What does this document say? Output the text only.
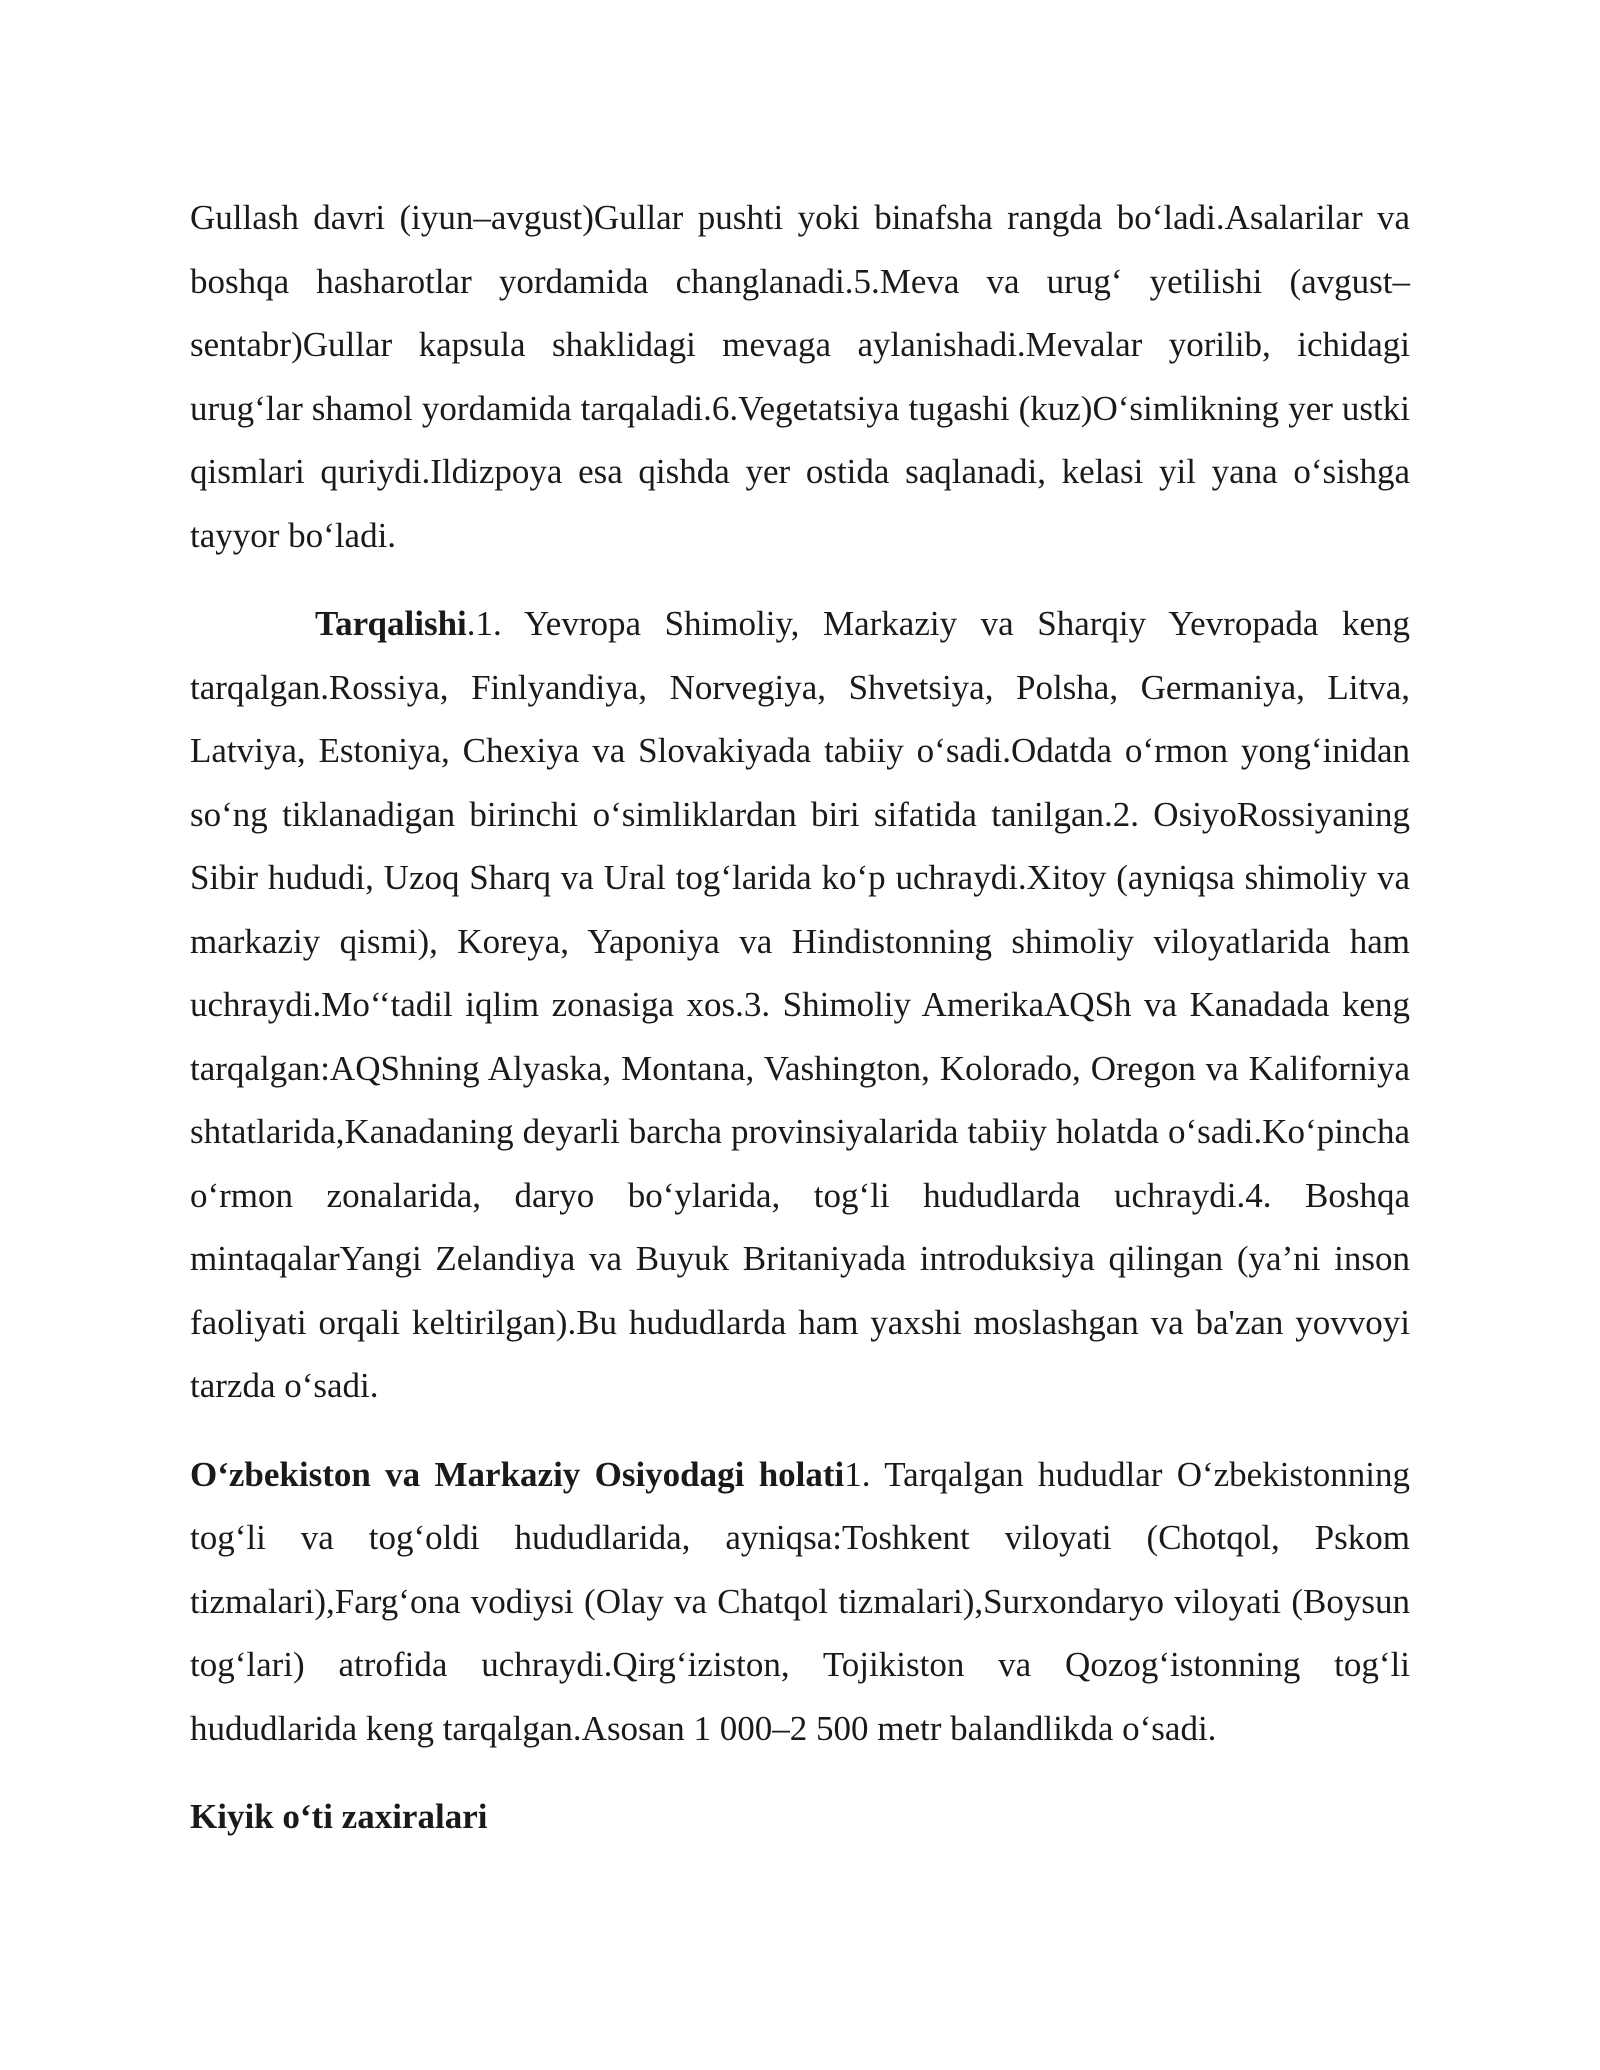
Gullash davri (iyun–avgust)Gullar pushti yoki binafsha rangda bo‘ladi.Asalarilar va boshqa hasharotlar yordamida changlanadi.5.Meva va urug‘ yetilishi (avgust–sentabr)Gullar kapsula shaklidagi mevaga aylanishadi.Mevalar yorilib, ichidagi urug‘lar shamol yordamida tarqaladi.6.Vegetatsiya tugashi (kuz)O‘simlikning yer ustki qismlari quriydi.Ildizpoya esa qishda yer ostida saqlanadi, kelasi yil yana o‘sishga tayyor bo‘ladi.

Tarqalishi.1. Yevropa Shimoliy, Markaziy va Sharqiy Yevropada keng tarqalgan.Rossiya, Finlyandiya, Norvegiya, Shvetsiya, Polsha, Germaniya, Litva, Latviya, Estoniya, Chexiya va Slovakiyada tabiiy o‘sadi.Odatda o‘rmon yong‘inidan so‘ng tiklanadigan birinchi o‘simliklardan biri sifatida tanilgan.2. OsiyoRossiyaning Sibir hududi, Uzoq Sharq va Ural tog‘larida ko‘p uchraydi.Xitoy (ayniqsa shimoliy va markaziy qismi), Koreya, Yaponiya va Hindistonning shimoliy viloyatlarida ham uchraydi.Mo‘‘tadil iqlim zonasiga xos.3. Shimoliy AmerikaAQSh va Kanadada keng tarqalgan:AQShning Alyaska, Montana, Vashington, Kolorado, Oregon va Kaliforniya shtatlarida,Kanadaning deyarli barcha provinsiyalarida tabiiy holatda o‘sadi.Ko‘pincha o‘rmon zonalarida, daryo bo‘ylarida, tog‘li hududlarda uchraydi.4. Boshqa mintaqalarYangi Zelandiya va Buyuk Britaniyada introduksiya qilingan (ya’ni inson faoliyati orqali keltirilgan).Bu hududlarda ham yaxshi moslashgan va ba'zan yovvoyi tarzda o‘sadi.

O‘zbekiston va Markaziy Osiyodagi holati1. Tarqalgan hududlar O‘zbekistonning tog‘li va tog‘oldi hududlarida, ayniqsa:Toshkent viloyati (Chotqol, Pskom tizmalari),Farg‘ona vodiysi (Olay va Chatqol tizmalari),Surxondaryo viloyati (Boysun tog‘lari) atrofida uchraydi.Qirg‘iziston, Tojikiston va Qozog‘istonning tog‘li hududlarida keng tarqalgan.Asosan 1 000–2 500 metr balandlikda o‘sadi.

Kiyik o‘ti zaxiralari
